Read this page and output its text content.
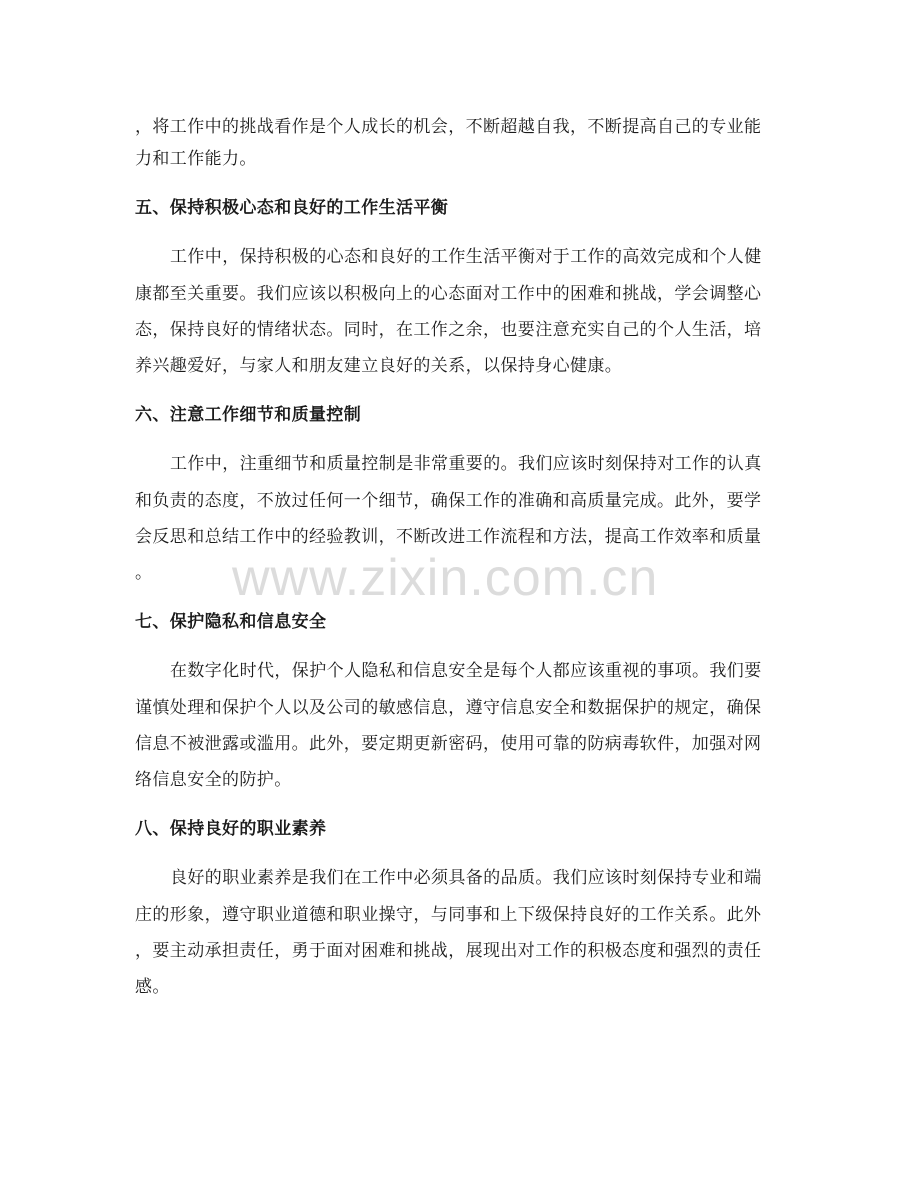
，将工作中的挑战看作是个人成长的机会，不断超越自我，不断提高自己的专业能

力和工作能力。

五、保持积极心态和良好的工作生活平衡

工作中，保持积极的心态和良好的工作生活平衡对于工作的高效完成和个人健

康都至关重要。我们应该以积极向上的心态面对工作中的困难和挑战，学会调整心

态，保持良好的情绪状态。同时，在工作之余，也要注意充实自己的个人生活，培

养兴趣爱好，与家人和朋友建立良好的关系，以保持身心健康。

六、注意工作细节和质量控制

工作中，注重细节和质量控制是非常重要的。我们应该时刻保持对工作的认真

和负责的态度，不放过任何一个细节，确保工作的准确和高质量完成。此外，要学

会反思和总结工作中的经验教训，不断改进工作流程和方法，提高工作效率和质量

。

七、保护隐私和信息安全

在数字化时代，保护个人隐私和信息安全是每个人都应该重视的事项。我们要

谨慎处理和保护个人以及公司的敏感信息，遵守信息安全和数据保护的规定，确保

信息不被泄露或滥用。此外，要定期更新密码，使用可靠的防病毒软件，加强对网

络信息安全的防护。

八、保持良好的职业素养

良好的职业素养是我们在工作中必须具备的品质。我们应该时刻保持专业和端

庄的形象，遵守职业道德和职业操守，与同事和上下级保持良好的工作关系。此外

，要主动承担责任，勇于面对困难和挑战，展现出对工作的积极态度和强烈的责任

感。

www.zixin.com.cn
